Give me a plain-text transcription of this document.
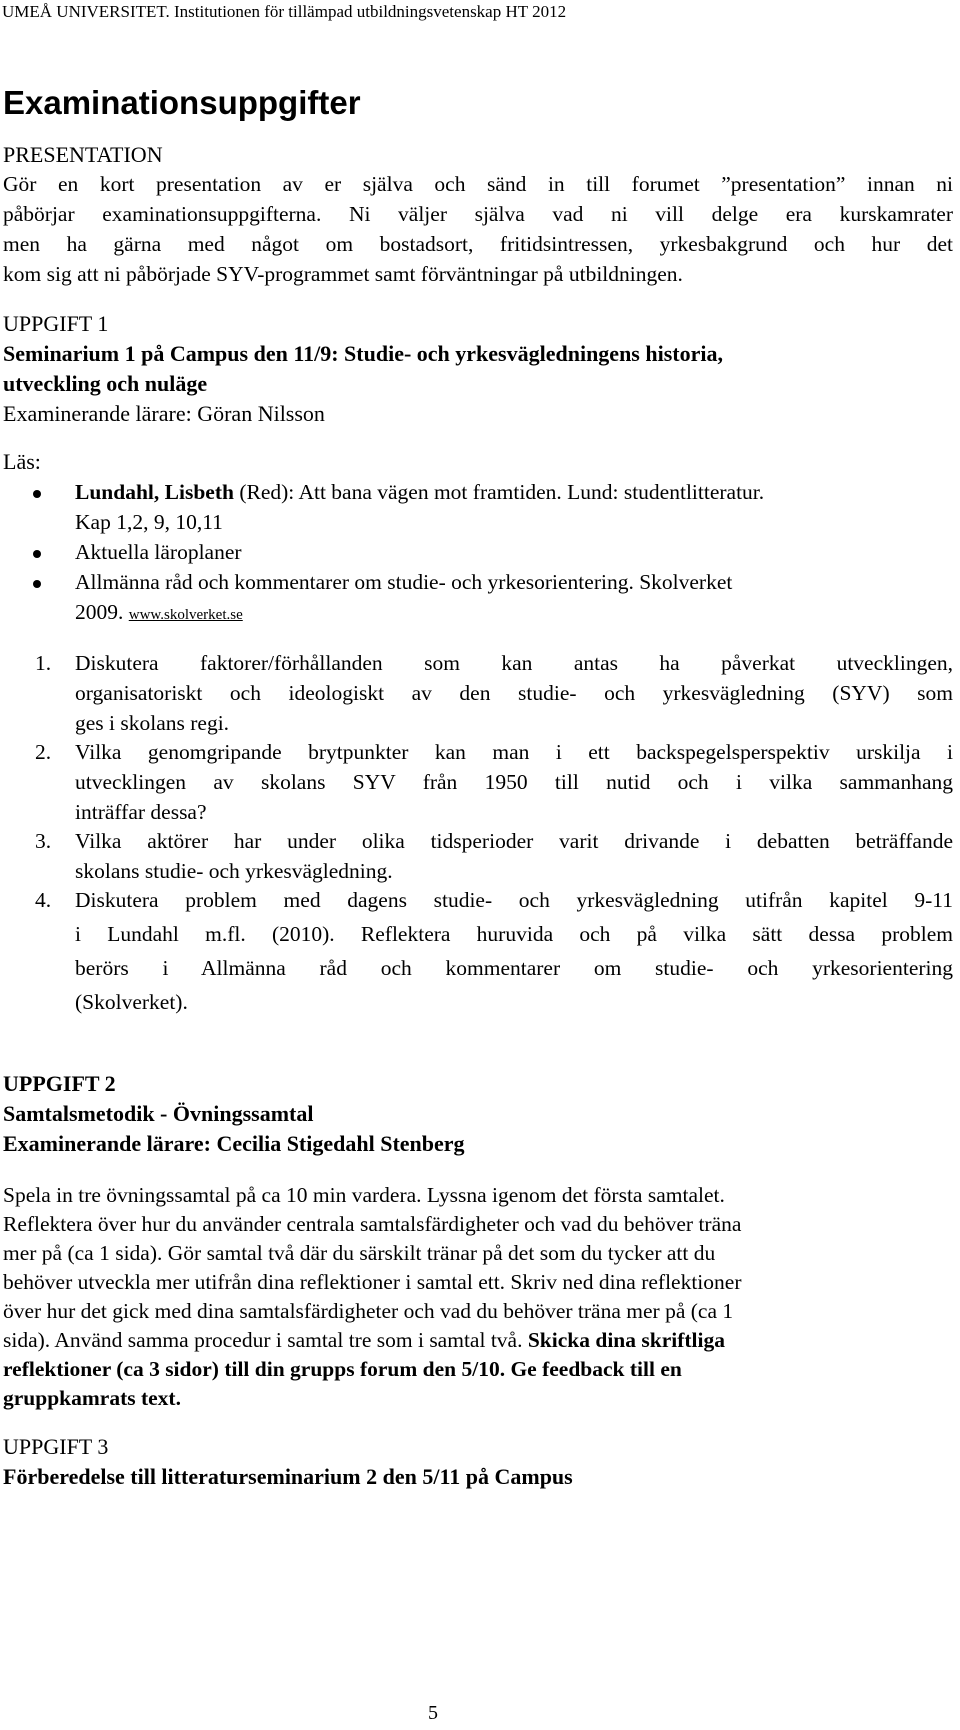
UMEÅ UNIVERSITET. Institutionen för tillämpad utbildningsvetenskap HT 2012
Examinationsuppgifter
PRESENTATION
Gör en kort presentation av er själva och sänd in till forumet ”presentation” innan ni
påbörjar examinationsuppgifterna. Ni väljer själva vad ni vill delge era kurskamrater
men ha gärna med något om bostadsort, fritidsintressen, yrkesbakgrund och hur det
kom sig att ni påbörjade SYV-programmet samt förväntningar på utbildningen.
UPPGIFT 1
Seminarium 1 på Campus den 11/9: Studie- och yrkesvägledningens historia,
utveckling och nuläge
Examinerande lärare: Göran Nilsson
Läs:
Lundahl, Lisbeth (Red): Att bana vägen mot framtiden. Lund: studentlitteratur.
Kap 1,2, 9, 10,11
Aktuella läroplaner
Allmänna råd och kommentarer om studie- och yrkesorientering. Skolverket
2009. www.skolverket.se
1. Diskutera faktorer/förhållanden som kan antas ha påverkat utvecklingen,
organisatoriskt och ideologiskt av den studie- och yrkesvägledning (SYV) som
ges i skolans regi.
2. Vilka genomgripande brytpunkter kan man i ett backspegelsperspektiv urskilja i
utvecklingen av skolans SYV från 1950 till nutid och i vilka sammanhang
inträffar dessa?
3. Vilka aktörer har under olika tidsperioder varit drivande i debatten beträffande
skolans studie- och yrkesvägledning.
4. Diskutera problem med dagens studie- och yrkesvägledning utifrån kapitel 9-11
i Lundahl m.fl. (2010). Reflektera huruvida och på vilka sätt dessa problem
berörs i Allmänna råd och kommentarer om studie- och yrkesorientering
(Skolverket).
UPPGIFT 2
Samtalsmetodik - Övningssamtal
Examinerande lärare: Cecilia Stigedahl Stenberg
Spela in tre övningssamtal på ca 10 min vardera. Lyssna igenom det första samtalet.
Reflektera över hur du använder centrala samtalsfärdigheter och vad du behöver träna
mer på (ca 1 sida). Gör samtal två där du särskilt tränar på det som du tycker att du
behöver utveckla mer utifrån dina reflektioner i samtal ett. Skriv ned dina reflektioner
över hur det gick med dina samtalsfärdigheter och vad du behöver träna mer på (ca 1
sida). Använd samma procedur i samtal tre som i samtal två. Skicka dina skriftliga
reflektioner (ca 3 sidor) till din grupps forum den 5/10. Ge feedback till en
gruppkamrats text.
UPPGIFT 3
Förberedelse till litteraturseminarium 2 den 5/11 på Campus
5
